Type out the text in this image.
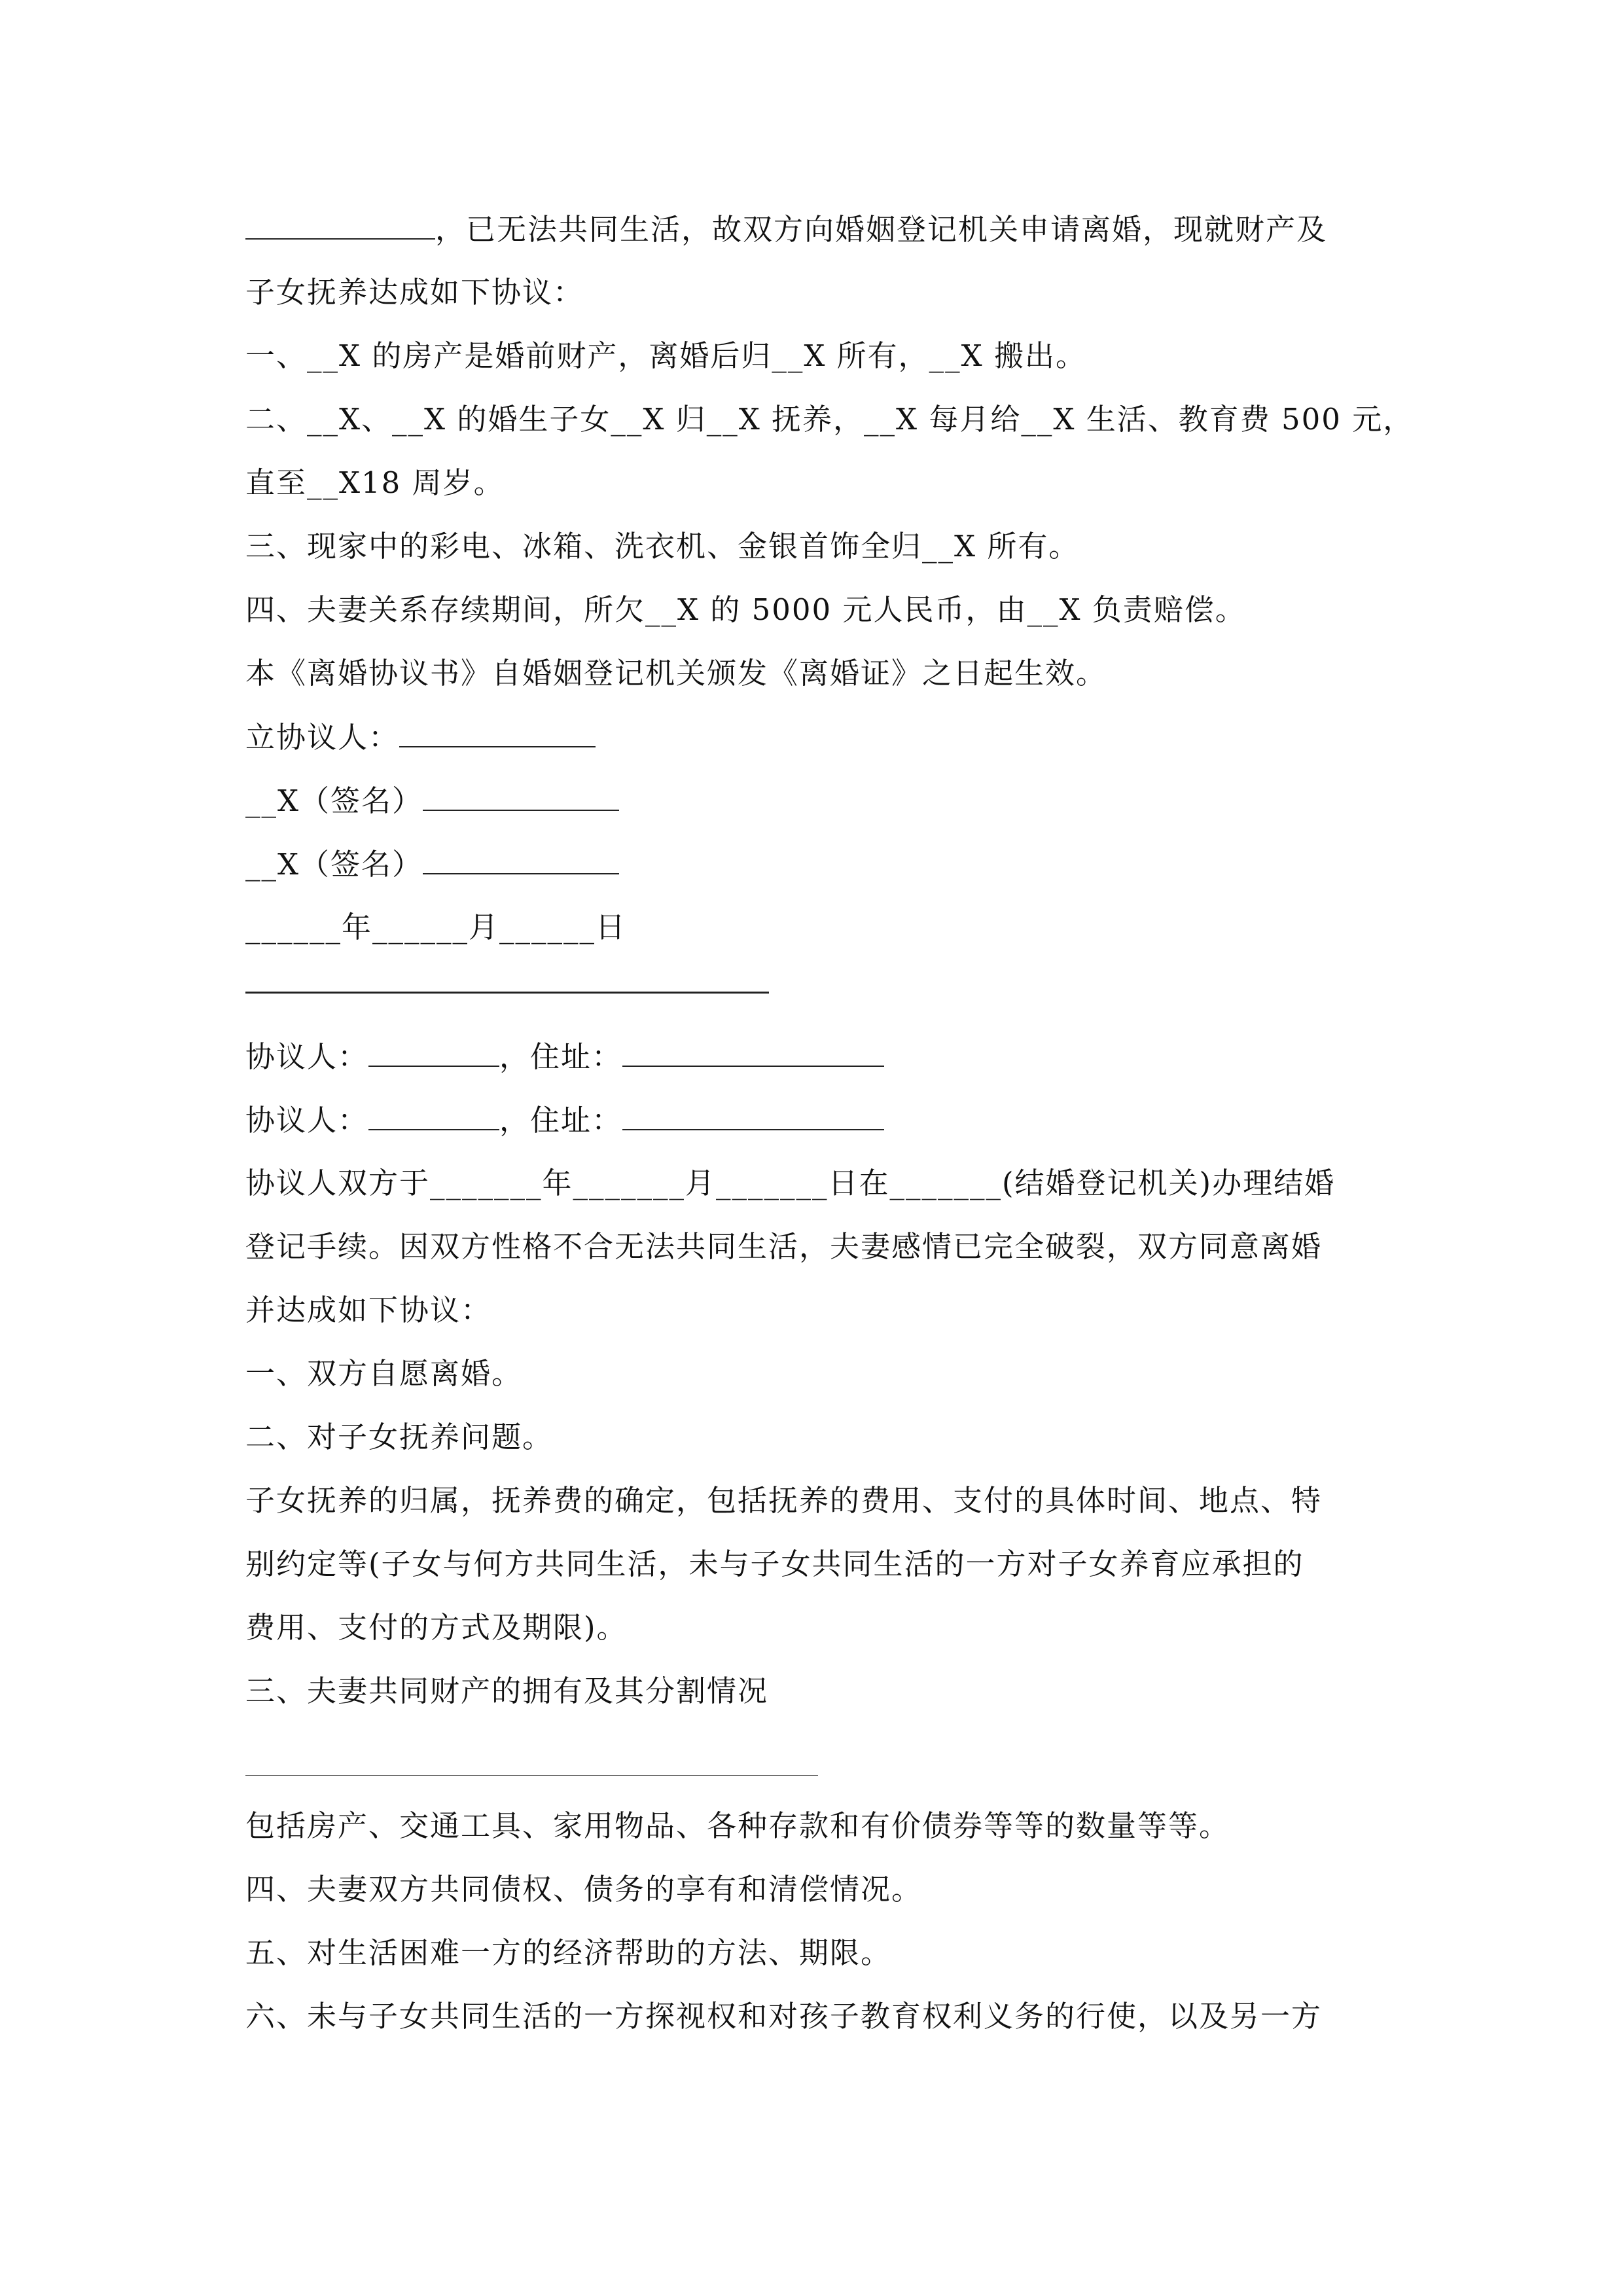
，已无法共同生活，故双方向婚姻登记机关申请离婚，现就财产及
子女抚养达成如下协议：
一、__X 的房产是婚前财产，离婚后归__X 所有，__X 搬出。
二、__X、__X 的婚生子女__X 归__X 抚养，__X 每月给__X 生活、教育费 500 元，
直至__X18 周岁。
三、现家中的彩电、冰箱、洗衣机、金银首饰全归__X 所有。
四、夫妻关系存续期间，所欠__X 的 5000 元人民币，由__X 负责赔偿。
本《离婚协议书》自婚姻登记机关颁发《离婚证》之日起生效。
立协议人：
__X（签名）
__X（签名）
______年______月______日
协议人：	，住址：
协议人：	，住址：
协议人双方于_______年_______月_______日在_______(结婚登记机关)办理结婚
登记手续。因双方性格不合无法共同生活，夫妻感情已完全破裂，双方同意离婚
并达成如下协议：
一、双方自愿离婚。
二、对子女抚养问题。
子女抚养的归属，抚养费的确定，包括抚养的费用、支付的具体时间、地点、特
别约定等(子女与何方共同生活，未与子女共同生活的一方对子女养育应承担的
费用、支付的方式及期限)。
三、夫妻共同财产的拥有及其分割情况
包括房产、交通工具、家用物品、各种存款和有价债券等等的数量等等。
四、夫妻双方共同债权、债务的享有和清偿情况。
五、对生活困难一方的经济帮助的方法、期限。
六、未与子女共同生活的一方探视权和对孩子教育权利义务的行使，以及另一方
